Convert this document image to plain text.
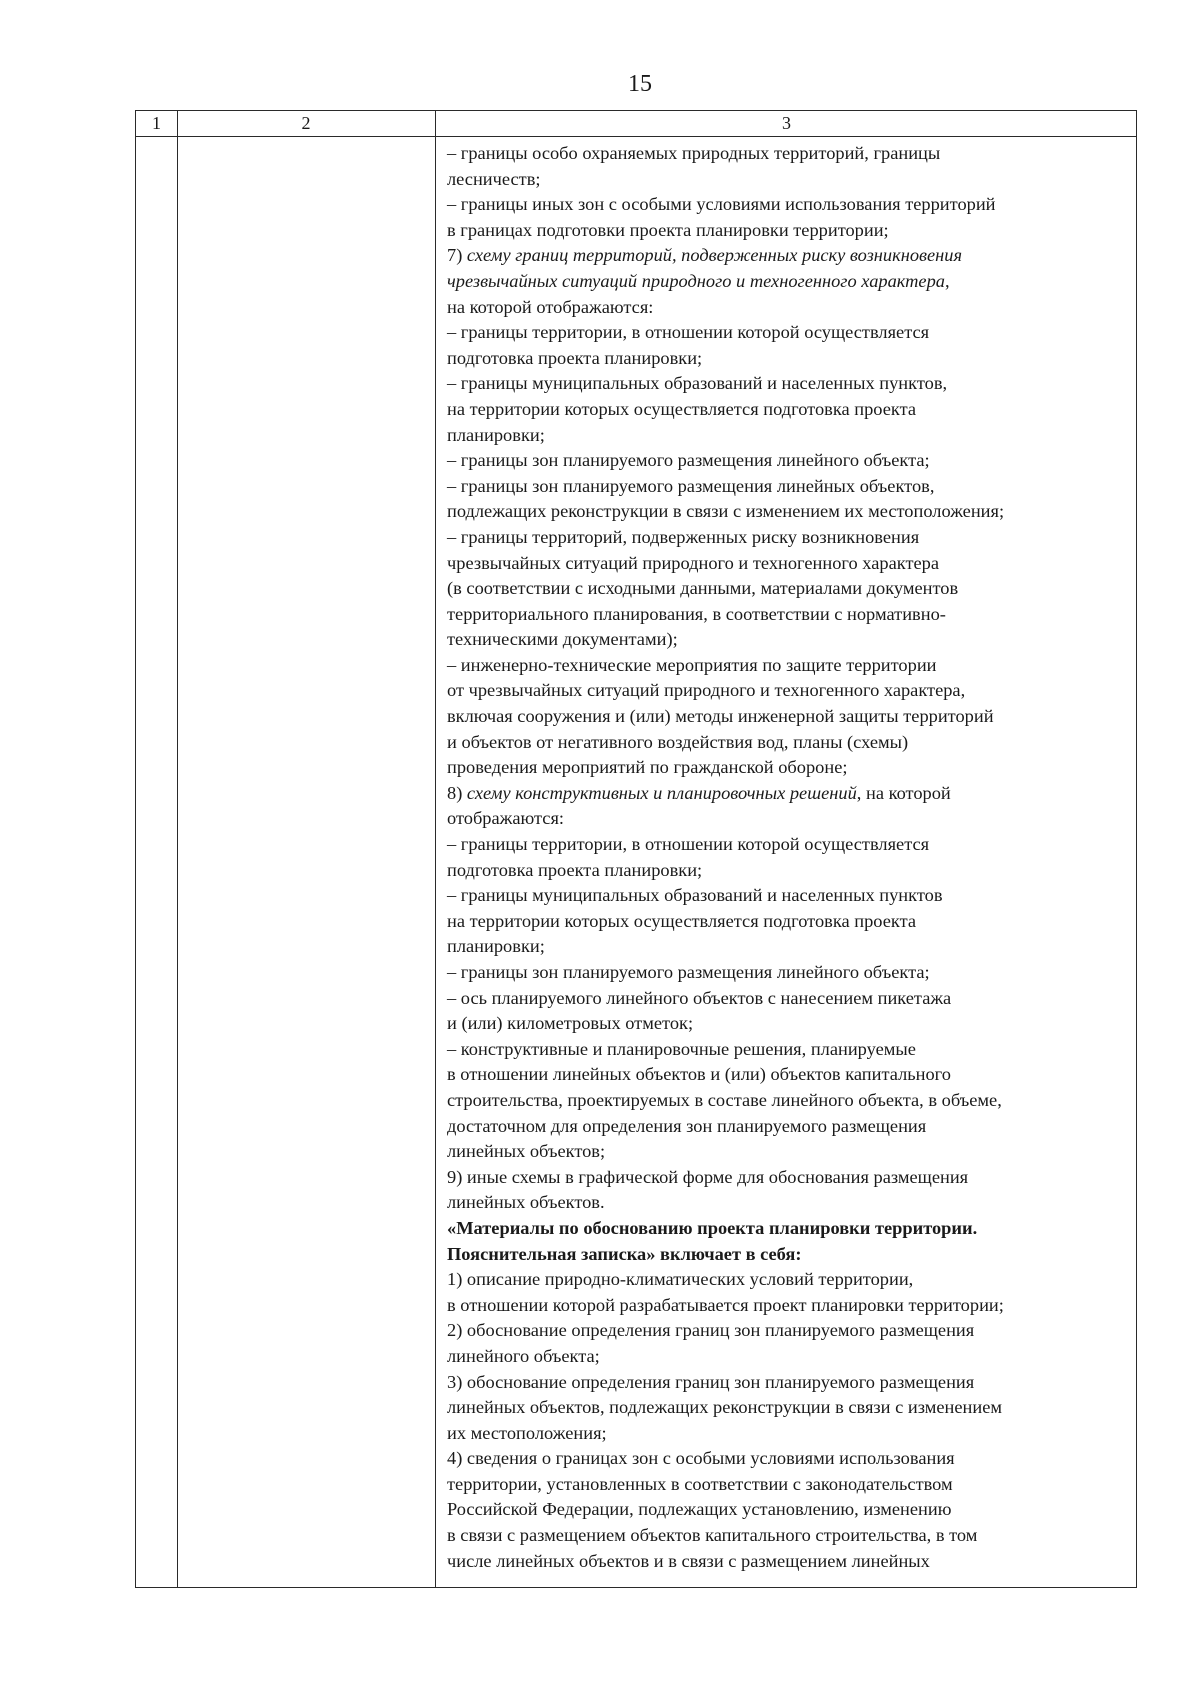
15
1	2	3
– границы особо охраняемых природных территорий, границы
лесничеств;
– границы иных зон с особыми условиями использования территорий
в границах подготовки проекта планировки территории;
7) схему границ территорий, подверженных риску возникновения
чрезвычайных ситуаций природного и техногенного характера,
на которой отображаются:
– границы территории, в отношении которой осуществляется
подготовка проекта планировки;
– границы муниципальных образований и населенных пунктов,
на территории которых осуществляется подготовка проекта
планировки;
– границы зон планируемого размещения линейного объекта;
– границы зон планируемого размещения линейных объектов,
подлежащих реконструкции в связи с изменением их местоположения;
– границы территорий, подверженных риску возникновения
чрезвычайных ситуаций природного и техногенного характера
(в соответствии с исходными данными, материалами документов
территориального планирования, в соответствии с нормативно-
техническими документами);
– инженерно-технические мероприятия по защите территории
от чрезвычайных ситуаций природного и техногенного характера,
включая сооружения и (или) методы инженерной защиты территорий
и объектов от негативного воздействия вод, планы (схемы)
проведения мероприятий по гражданской обороне;
8) схему конструктивных и планировочных решений, на которой
отображаются:
– границы территории, в отношении которой осуществляется
подготовка проекта планировки;
– границы муниципальных образований и населенных пунктов
на территории которых осуществляется подготовка проекта
планировки;
– границы зон планируемого размещения линейного объекта;
– ось планируемого линейного объектов с нанесением пикетажа
и (или) километровых отметок;
– конструктивные и планировочные решения, планируемые
в отношении линейных объектов и (или) объектов капитального
строительства, проектируемых в составе линейного объекта, в объеме,
достаточном для определения зон планируемого размещения
линейных объектов;
9) иные схемы в графической форме для обоснования размещения
линейных объектов.
«Материалы по обоснованию проекта планировки территории.
Пояснительная записка» включает в себя:
1) описание природно-климатических условий территории,
в отношении которой разрабатывается проект планировки территории;
2) обоснование определения границ зон планируемого размещения
линейного объекта;
3) обоснование определения границ зон планируемого размещения
линейных объектов, подлежащих реконструкции в связи с изменением
их местоположения;
4) сведения о границах зон с особыми условиями использования
территории, установленных в соответствии с законодательством
Российской Федерации, подлежащих установлению, изменению
в связи с размещением объектов капитального строительства, в том
числе линейных объектов и в связи с размещением линейных
